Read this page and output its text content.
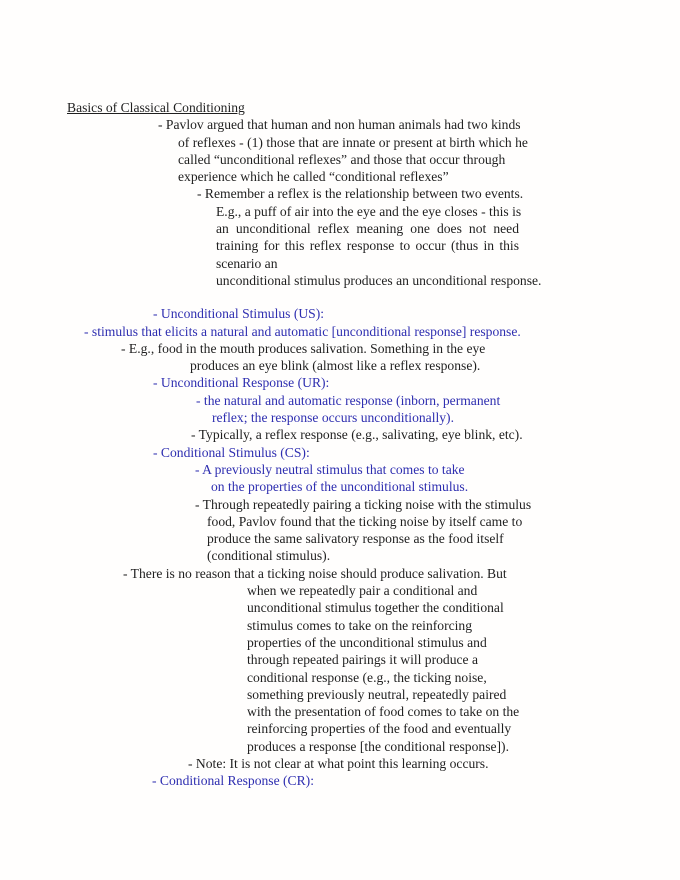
Basics of Classical Conditioning
- Pavlov argued that human and non human animals had two kinds
of reflexes - (1) those that are innate or present at birth which he
called “unconditional reflexes” and those that occur through
experience which he called “conditional reflexes”
- Remember a reflex is the relationship between two events.
E.g., a puff of air into the eye and the eye closes - this is
an unconditional reflex meaning one does not need
training for this reflex response to occur (thus in this
scenario an
unconditional stimulus produces an unconditional response.
- Unconditional Stimulus (US):
- stimulus that elicits a natural and automatic [unconditional response] response.
- E.g., food in the mouth produces salivation. Something in the eye
produces an eye blink (almost like a reflex response).
- Unconditional Response (UR):
- the natural and automatic response (inborn, permanent
reflex; the response occurs unconditionally).
- Typically, a reflex response (e.g., salivating, eye blink, etc).
- Conditional Stimulus (CS):
- A previously neutral stimulus that comes to take
on the properties of the unconditional stimulus.
- Through repeatedly pairing a ticking noise with the stimulus
food, Pavlov found that the ticking noise by itself came to
produce the same salivatory response as the food itself
(conditional stimulus).
- There is no reason that a ticking noise should produce salivation. But
when we repeatedly pair a conditional and
unconditional stimulus together the conditional
stimulus comes to take on the reinforcing
properties of the unconditional stimulus and
through repeated pairings it will produce a
conditional response (e.g., the ticking noise,
something previously neutral, repeatedly paired
with the presentation of food comes to take on the
reinforcing properties of the food and eventually
produces a response [the conditional response]).
- Note: It is not clear at what point this learning occurs.
- Conditional Response (CR):
